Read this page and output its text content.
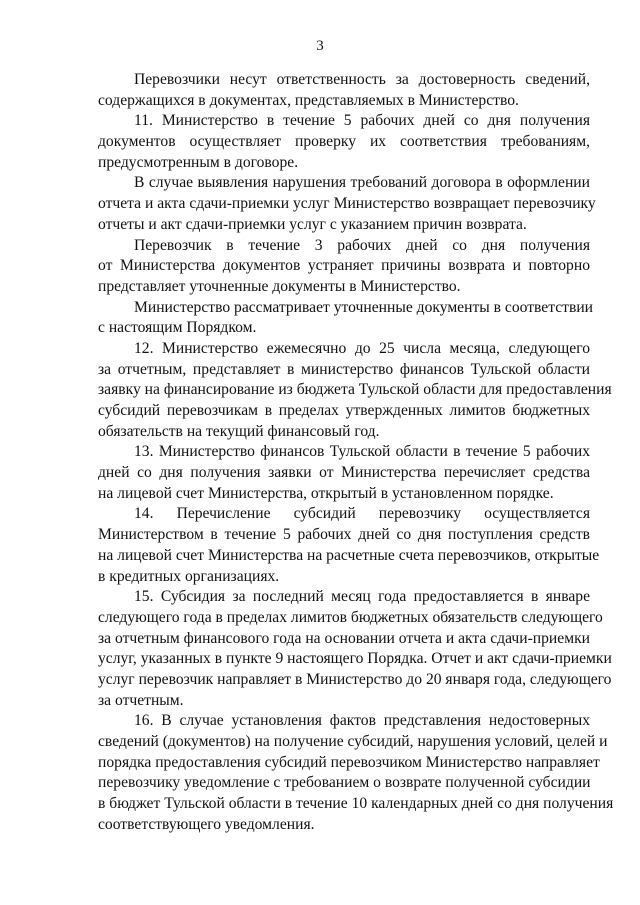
3
Перевозчики несут ответственность за достоверность сведений,
содержащихся в документах, представляемых в Министерство.
11. Министерство в течение 5 рабочих дней со дня получения
документов осуществляет проверку их соответствия требованиям,
предусмотренным в договоре.
В случае выявления нарушения требований договора в оформлении
отчета и акта сдачи-приемки услуг Министерство возвращает перевозчику
отчеты и акт сдачи-приемки услуг с указанием причин возврата.
Перевозчик в течение 3 рабочих дней со дня получения
от Министерства документов устраняет причины возврата и повторно
представляет уточненные документы в Министерство.
Министерство рассматривает уточненные документы в соответствии
с настоящим Порядком.
12. Министерство ежемесячно до 25 числа месяца, следующего
за отчетным, представляет в министерство финансов Тульской области
заявку на финансирование из бюджета Тульской области для предоставления
субсидий перевозчикам в пределах утвержденных лимитов бюджетных
обязательств на текущий финансовый год.
13. Министерство финансов Тульской области в течение 5 рабочих
дней со дня получения заявки от Министерства перечисляет средства
на лицевой счет Министерства, открытый в установленном порядке.
14. Перечисление субсидий перевозчику осуществляется
Министерством в течение 5 рабочих дней со дня поступления средств
на лицевой счет Министерства на расчетные счета перевозчиков, открытые
в кредитных организациях.
15. Субсидия за последний месяц года предоставляется в январе
следующего года в пределах лимитов бюджетных обязательств следующего
за отчетным финансового года на основании отчета и акта сдачи-приемки
услуг, указанных в пункте 9 настоящего Порядка. Отчет и акт сдачи-приемки
услуг перевозчик направляет в Министерство до 20 января года, следующего
за отчетным.
16. В случае установления фактов представления недостоверных
сведений (документов) на получение субсидий, нарушения условий, целей и
порядка предоставления субсидий перевозчиком Министерство направляет
перевозчику уведомление с требованием о возврате полученной субсидии
в бюджет Тульской области в течение 10 календарных дней со дня получения
соответствующего уведомления.
